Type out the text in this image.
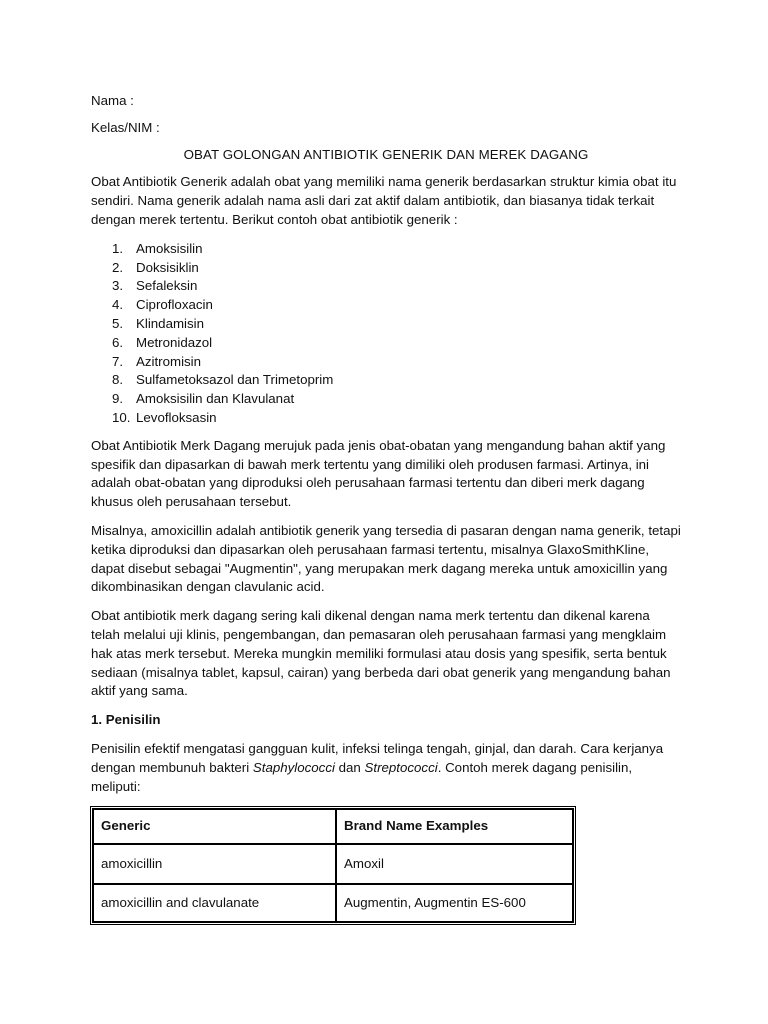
Nama :
Kelas/NIM :
OBAT GOLONGAN ANTIBIOTIK GENERIK DAN MEREK DAGANG

Obat Antibiotik Generik adalah obat yang memiliki nama generik berdasarkan struktur kimia obat itu sendiri. Nama generik adalah nama asli dari zat aktif dalam antibiotik, dan biasanya tidak terkait dengan merek tertentu. Berikut contoh obat antibiotik generik :

1. Amoksisilin
2. Doksisiklin
3. Sefaleksin
4. Ciprofloxacin
5. Klindamisin
6. Metronidazol
7. Azitromisin
8. Sulfametoksazol dan Trimetoprim
9. Amoksisilin dan Klavulanat
10. Levofloksasin

Obat Antibiotik Merk Dagang merujuk pada jenis obat-obatan yang mengandung bahan aktif yang spesifik dan dipasarkan di bawah merk tertentu yang dimiliki oleh produsen farmasi. Artinya, ini adalah obat-obatan yang diproduksi oleh perusahaan farmasi tertentu dan diberi merk dagang khusus oleh perusahaan tersebut.

Misalnya, amoxicillin adalah antibiotik generik yang tersedia di pasaran dengan nama generik, tetapi ketika diproduksi dan dipasarkan oleh perusahaan farmasi tertentu, misalnya GlaxoSmithKline, dapat disebut sebagai "Augmentin", yang merupakan merk dagang mereka untuk amoxicillin yang dikombinasikan dengan clavulanic acid.

Obat antibiotik merk dagang sering kali dikenal dengan nama merk tertentu dan dikenal karena telah melalui uji klinis, pengembangan, dan pemasaran oleh perusahaan farmasi yang mengklaim hak atas merk tersebut. Mereka mungkin memiliki formulasi atau dosis yang spesifik, serta bentuk sediaan (misalnya tablet, kapsul, cairan) yang berbeda dari obat generik yang mengandung bahan aktif yang sama.

1. Penisilin
Penisilin efektif mengatasi gangguan kulit, infeksi telinga tengah, ginjal, dan darah. Cara kerjanya dengan membunuh bakteri Staphylococci dan Streptococci. Contoh merek dagang penisilin, meliputi:
Generic	Brand Name Examples
amoxicillin	Amoxil
amoxicillin and clavulanate	Augmentin, Augmentin ES-600
